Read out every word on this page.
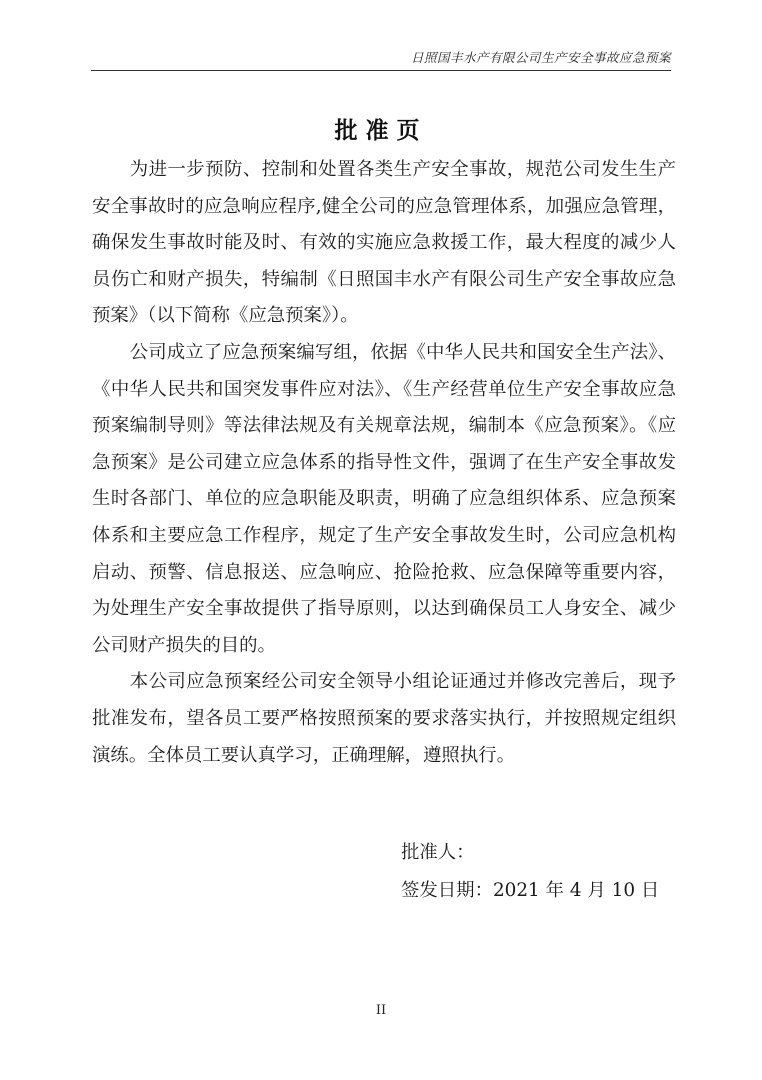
日照国丰水产有限公司生产安全事故应急预案
批准页

为进一步预防、控制和处置各类生产安全事故，规范公司发生生产安全事故时的应急响应程序,健全公司的应急管理体系，加强应急管理，确保发生事故时能及时、有效的实施应急救援工作，最大程度的减少人员伤亡和财产损失，特编制《日照国丰水产有限公司生产安全事故应急预案》（以下简称《应急预案》）。

公司成立了应急预案编写组，依据《中华人民共和国安全生产法》、《中华人民共和国突发事件应对法》、《生产经营单位生产安全事故应急预案编制导则》等法律法规及有关规章法规，编制本《应急预案》。《应急预案》是公司建立应急体系的指导性文件，强调了在生产安全事故发生时各部门、单位的应急职能及职责，明确了应急组织体系、应急预案体系和主要应急工作程序，规定了生产安全事故发生时，公司应急机构启动、预警、信息报送、应急响应、抢险抢救、应急保障等重要内容，为处理生产安全事故提供了指导原则，以达到确保员工人身安全、减少公司财产损失的目的。

本公司应急预案经公司安全领导小组论证通过并修改完善后，现予批准发布，望各员工要严格按照预案的要求落实执行，并按照规定组织演练。全体员工要认真学习，正确理解，遵照执行。

批准人：
签发日期：2021 年 4 月 10 日
II
